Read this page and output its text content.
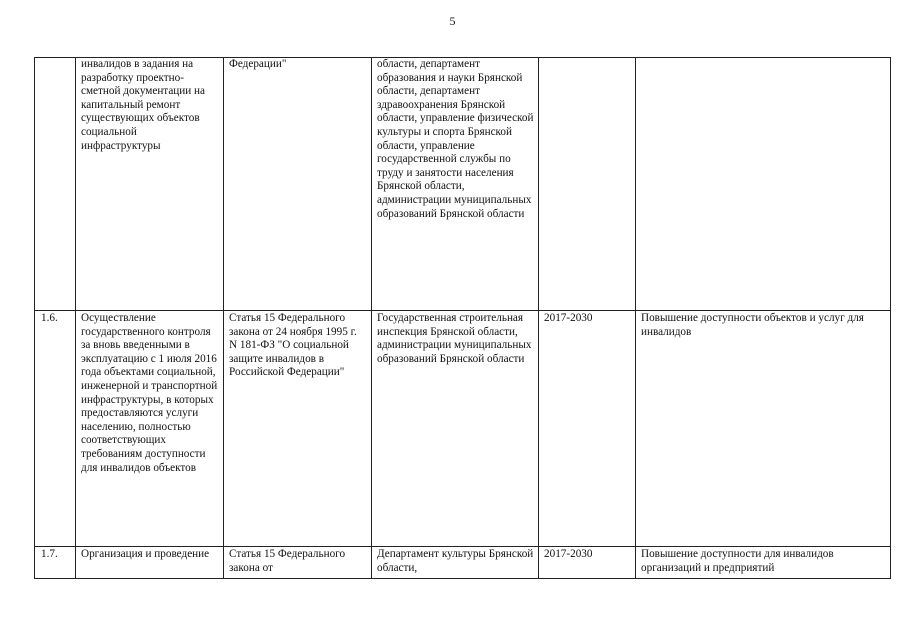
5
	инвалидов в задания на разработку проектно-сметной документации на капитальный ремонт существующих объектов социальной инфраструктуры	Федерации"	области, департамент образования и науки Брянской области, департамент здравоохранения Брянской области, управление физической культуры и спорта Брянской области, управление государственной службы по труду и занятости населения Брянской области, администрации муниципальных образований Брянской области		
1.6.	Осуществление государственного контроля за вновь введенными в эксплуатацию с 1 июля 2016 года объектами социальной, инженерной и транспортной инфраструктуры, в которых предоставляются услуги населению, полностью соответствующих требованиям доступности для инвалидов объектов	Статья 15 Федерального закона от 24 ноября 1995 г. N 181-ФЗ "О социальной защите инвалидов в Российской Федерации"	Государственная строительная инспекция Брянской области, администрации муниципальных образований Брянской области	2017-2030	Повышение доступности объектов и услуг для инвалидов
1.7.	Организация и проведение	Статья 15 Федерального закона от	Департамент культуры Брянской области,	2017-2030	Повышение доступности для инвалидов организаций и предприятий
